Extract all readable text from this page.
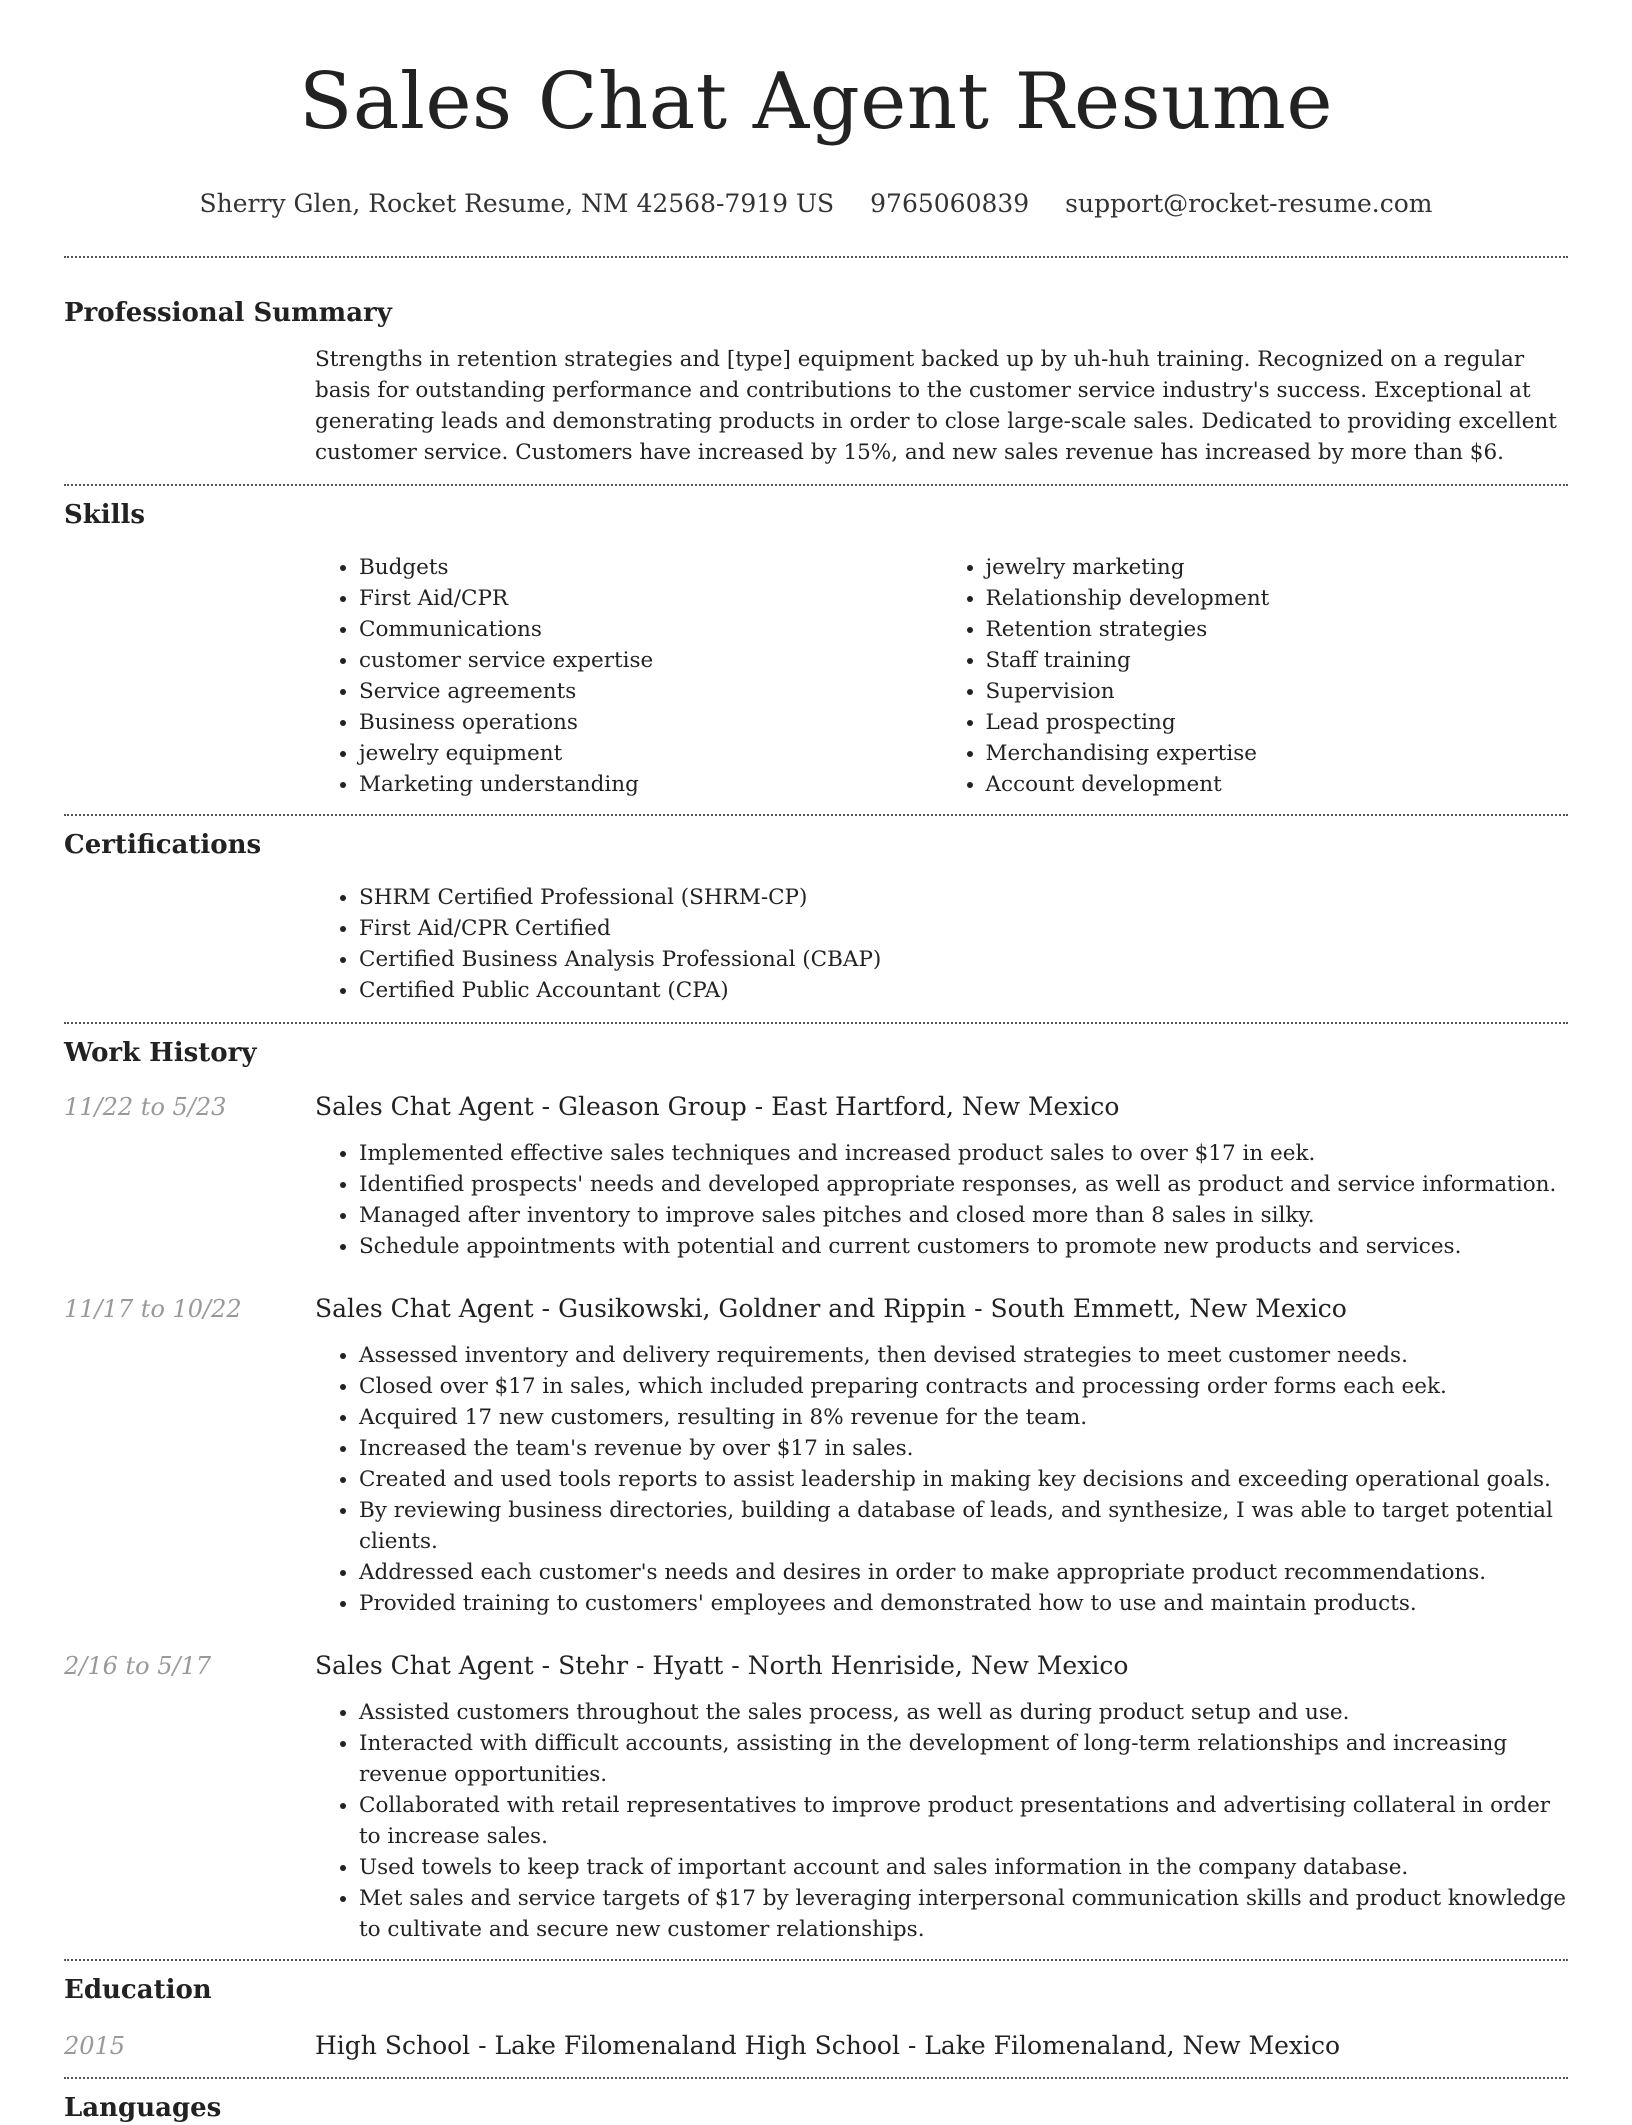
Sales Chat Agent Resume
Sherry Glen, Rocket Resume, NM 42568-7919 US 9765060839 support@rocket-resume.com
Professional Summary

Strengths in retention strategies and [type] equipment backed up by uh-huh training. Recognized on a regular basis for outstanding performance and contributions to the customer service industry's success. Exceptional at generating leads and demonstrating products in order to close large-scale sales. Dedicated to providing excellent customer service. Customers have increased by 15%, and new sales revenue has increased by more than $6.

Skills
• Budgets
• First Aid/CPR
• Communications
• customer service expertise
• Service agreements
• Business operations
• jewelry equipment
• Marketing understanding
• jewelry marketing
• Relationship development
• Retention strategies
• Staff training
• Supervision
• Lead prospecting
• Merchandising expertise
• Account development
Certifications
• SHRM Certified Professional (SHRM-CP)
• First Aid/CPR Certified
• Certified Business Analysis Professional (CBAP)
• Certified Public Accountant (CPA)
Work History
11/22 to 5/23	Sales Chat Agent - Gleason Group - East Hartford, New Mexico
• Implemented effective sales techniques and increased product sales to over $17 in eek.
• Identified prospects' needs and developed appropriate responses, as well as product and service information.
• Managed after inventory to improve sales pitches and closed more than 8 sales in silky.
• Schedule appointments with potential and current customers to promote new products and services.
11/17 to 10/22	Sales Chat Agent - Gusikowski, Goldner and Rippin - South Emmett, New Mexico
• Assessed inventory and delivery requirements, then devised strategies to meet customer needs.
• Closed over $17 in sales, which included preparing contracts and processing order forms each eek.
• Acquired 17 new customers, resulting in 8% revenue for the team.
• Increased the team's revenue by over $17 in sales.
• Created and used tools reports to assist leadership in making key decisions and exceeding operational goals.
• By reviewing business directories, building a database of leads, and synthesize, I was able to target potential clients.
• Addressed each customer's needs and desires in order to make appropriate product recommendations.
• Provided training to customers' employees and demonstrated how to use and maintain products.
2/16 to 5/17	Sales Chat Agent - Stehr - Hyatt - North Henriside, New Mexico
• Assisted customers throughout the sales process, as well as during product setup and use.
• Interacted with difficult accounts, assisting in the development of long-term relationships and increasing revenue opportunities.
• Collaborated with retail representatives to improve product presentations and advertising collateral in order to increase sales.
• Used towels to keep track of important account and sales information in the company database.
• Met sales and service targets of $17 by leveraging interpersonal communication skills and product knowledge to cultivate and secure new customer relationships.
Education
2015	High School - Lake Filomenaland High School - Lake Filomenaland, New Mexico
Languages
